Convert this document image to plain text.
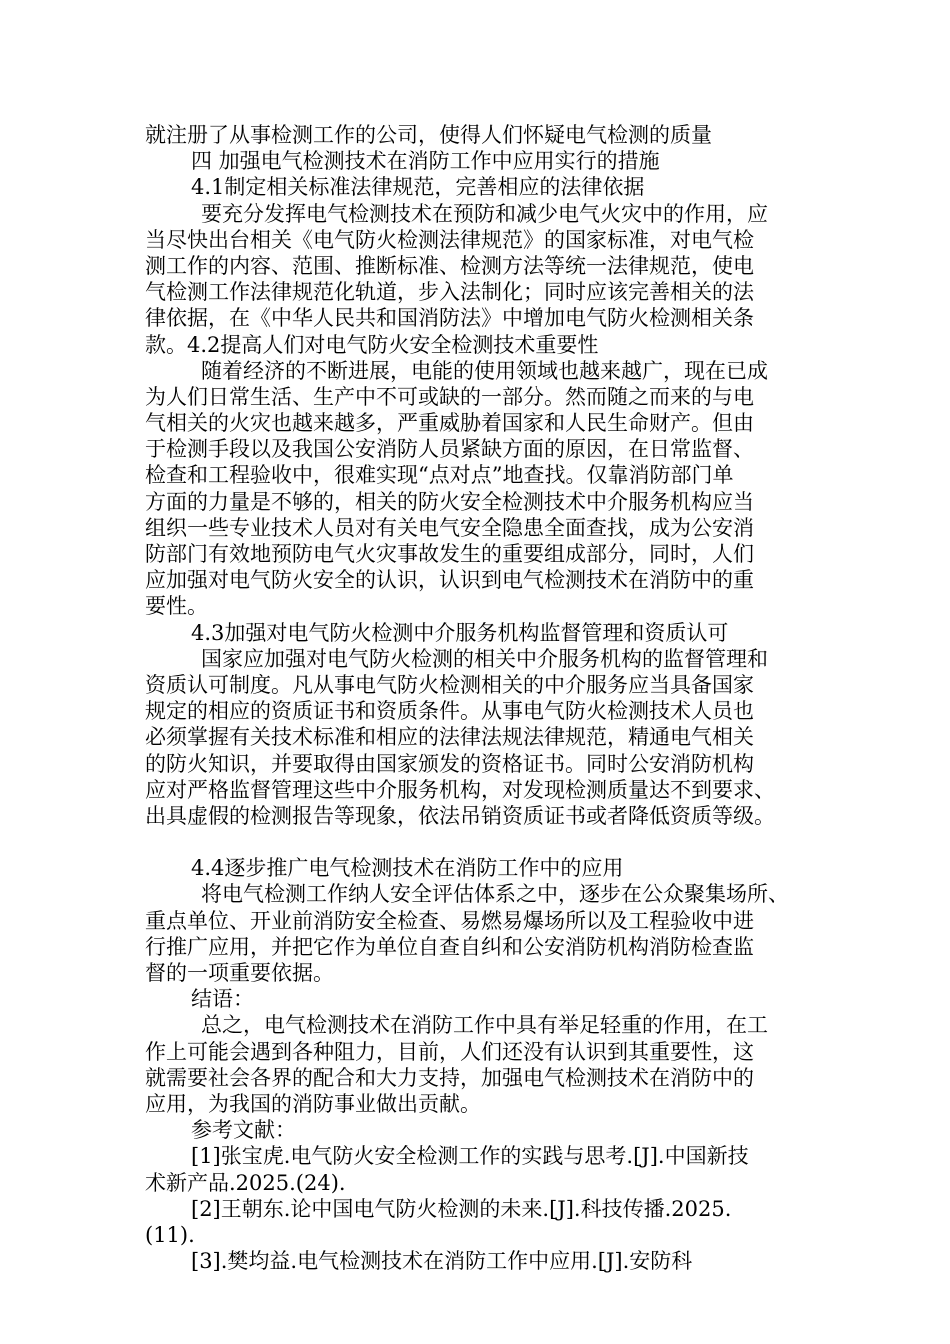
就注册了从事检测工作的公司，使得人们怀疑电气检测的质量
四 加强电气检测技术在消防工作中应用实行的措施
4.1制定相关标准法律规范，完善相应的法律依据
要充分发挥电气检测技术在预防和减少电气火灾中的作用，应
当尽快出台相关《电气防火检测法律规范》的国家标准，对电气检
测工作的内容、范围、推断标准、检测方法等统一法律规范，使电
气检测工作法律规范化轨道，步入法制化；同时应该完善相关的法
律依据，在《中华人民共和国消防法》中增加电气防火检测相关条
款。4.2提高人们对电气防火安全检测技术重要性
随着经济的不断进展，电能的使用领域也越来越广，现在已成
为人们日常生活、生产中不可或缺的一部分。然而随之而来的与电
气相关的火灾也越来越多，严重威胁着国家和人民生命财产。但由
于检测手段以及我国公安消防人员紧缺方面的原因，在日常监督、
检查和工程验收中，很难实现“点对点”地查找。仅靠消防部门单
方面的力量是不够的，相关的防火安全检测技术中介服务机构应当
组织一些专业技术人员对有关电气安全隐患全面查找，成为公安消
防部门有效地预防电气火灾事故发生的重要组成部分，同时，人们
应加强对电气防火安全的认识，认识到电气检测技术在消防中的重
要性。
4.3加强对电气防火检测中介服务机构监督管理和资质认可
国家应加强对电气防火检测的相关中介服务机构的监督管理和
资质认可制度。凡从事电气防火检测相关的中介服务应当具备国家
规定的相应的资质证书和资质条件。从事电气防火检测技术人员也
必须掌握有关技术标准和相应的法律法规法律规范，精通电气相关
的防火知识，并要取得由国家颁发的资格证书。同时公安消防机构
应对严格监督管理这些中介服务机构，对发现检测质量达不到要求、
出具虚假的检测报告等现象，依法吊销资质证书或者降低资质等级。
4.4逐步推广电气检测技术在消防工作中的应用
将电气检测工作纳人安全评估体系之中，逐步在公众聚集场所、
重点单位、开业前消防安全检查、易燃易爆场所以及工程验收中进
行推广应用，并把它作为单位自查自纠和公安消防机构消防检查监
督的一项重要依据。
结语：
总之，电气检测技术在消防工作中具有举足轻重的作用，在工
作上可能会遇到各种阻力，目前，人们还没有认识到其重要性，这
就需要社会各界的配合和大力支持，加强电气检测技术在消防中的
应用，为我国的消防事业做出贡献。
参考文献：
[1]张宝虎.电气防火安全检测工作的实践与思考.[J].中国新技
术新产品.2025.(24).
[2]王朝东.论中国电气防火检测的未来.[J].科技传播.2025.
(11).
[3].樊均益.电气检测技术在消防工作中应用.[J].安防科
